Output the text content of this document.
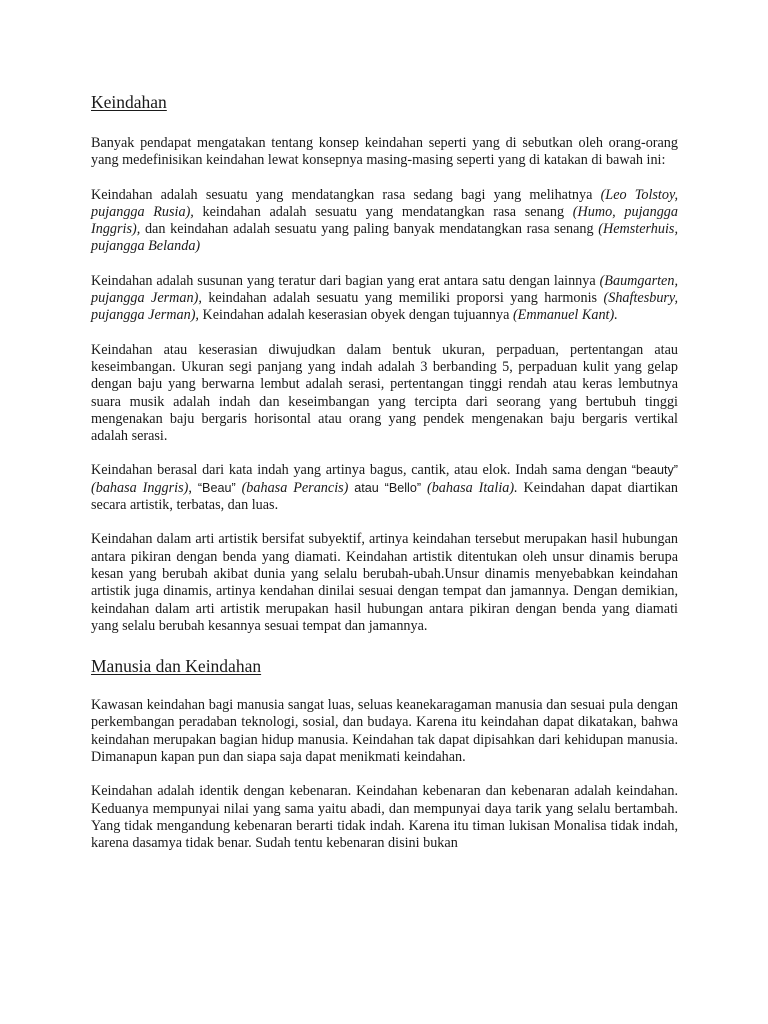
Keindahan

Banyak pendapat mengatakan tentang konsep keindahan seperti yang di sebutkan oleh orang-orang yang medefinisikan keindahan lewat konsepnya masing-masing seperti yang di katakan di bawah ini:

Keindahan adalah sesuatu yang mendatangkan rasa sedang bagi yang melihatnya (Leo Tolstoy, pujangga Rusia), keindahan adalah sesuatu yang mendatangkan rasa senang (Humo, pujangga Inggris), dan keindahan adalah sesuatu yang paling banyak mendatangkan rasa senang (Hemsterhuis, pujangga Belanda)

Keindahan adalah susunan yang teratur dari bagian yang erat antara satu dengan lainnya (Baumgarten, pujangga Jerman), keindahan adalah sesuatu yang memiliki proporsi yang harmonis (Shaftesbury, pujangga Jerman), Keindahan adalah keserasian obyek dengan tujuannya (Emmanuel Kant).

Keindahan atau keserasian diwujudkan dalam bentuk ukuran, perpaduan, pertentangan atau keseimbangan. Ukuran segi panjang yang indah adalah 3 berbanding 5, perpaduan kulit yang gelap dengan baju yang berwarna lembut adalah serasi, pertentangan tinggi rendah atau keras lembutnya suara musik adalah indah dan keseimbangan yang tercipta dari seorang yang bertubuh tinggi mengenakan baju bergaris horisontal atau orang yang pendek mengenakan baju bergaris vertikal adalah serasi.

Keindahan berasal dari kata indah yang artinya bagus, cantik, atau elok. Indah sama dengan “beauty” (bahasa Inggris), “Beau” (bahasa Perancis) atau “Bello” (bahasa Italia). Keindahan dapat diartikan secara artistik, terbatas, dan luas.

Keindahan dalam arti artistik bersifat subyektif, artinya keindahan tersebut merupakan hasil hubungan antara pikiran dengan benda yang diamati. Keindahan artistik ditentukan oleh unsur dinamis berupa kesan yang berubah akibat dunia yang selalu berubah-ubah.Unsur dinamis menyebabkan keindahan artistik juga dinamis, artinya kendahan dinilai sesuai dengan tempat dan jamannya. Dengan demikian, keindahan dalam arti artistik merupakan hasil hubungan antara pikiran dengan benda yang diamati yang selalu berubah kesannya sesuai tempat dan jamannya.

Manusia dan Keindahan

Kawasan keindahan bagi manusia sangat luas, seluas keanekaragaman manusia dan sesuai pula dengan perkembangan peradaban teknologi, sosial, dan budaya. Karena itu keindahan dapat dikatakan, bahwa keindahan merupakan bagian hidup manusia. Keindahan tak dapat dipisahkan dari kehidupan manusia. Dimanapun kapan pun dan siapa saja dapat menikmati keindahan.

Keindahan adalah identik dengan kebenaran. Keindahan kebenaran dan kebenaran adalah keindahan. Keduanya mempunyai nilai yang sama yaitu abadi, dan mempunyai daya tarik yang selalu bertambah. Yang tidak mengandung kebenaran berarti tidak indah. Karena itu timan lukisan Monalisa tidak indah, karena dasamya tidak benar. Sudah tentu kebenaran disini bukan
